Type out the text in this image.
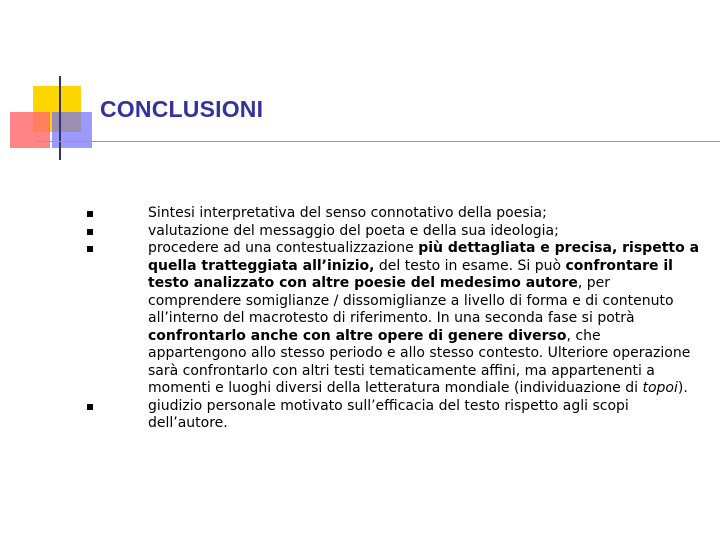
CONCLUSIONI
Sintesi interpretativa del senso connotativo della poesia;
valutazione del messaggio del poeta e della sua ideologia;
procedere ad una contestualizzazione più dettagliata e precisa, rispetto a quella tratteggiata all’inizio, del testo in esame. Si può confrontare il testo analizzato con altre poesie del medesimo autore, per comprendere somiglianze / dissomiglianze a livello di forma e di contenuto all’interno del macrotesto di riferimento. In una seconda fase si potrà confrontarlo anche con altre opere di genere diverso, che appartengono allo stesso periodo e allo stesso contesto. Ulteriore operazione sarà confrontarlo con altri testi tematicamente affini, ma appartenenti a momenti e luoghi diversi della letteratura mondiale (individuazione di topoi).
giudizio personale motivato sull’efficacia del testo rispetto agli scopi dell’autore.
